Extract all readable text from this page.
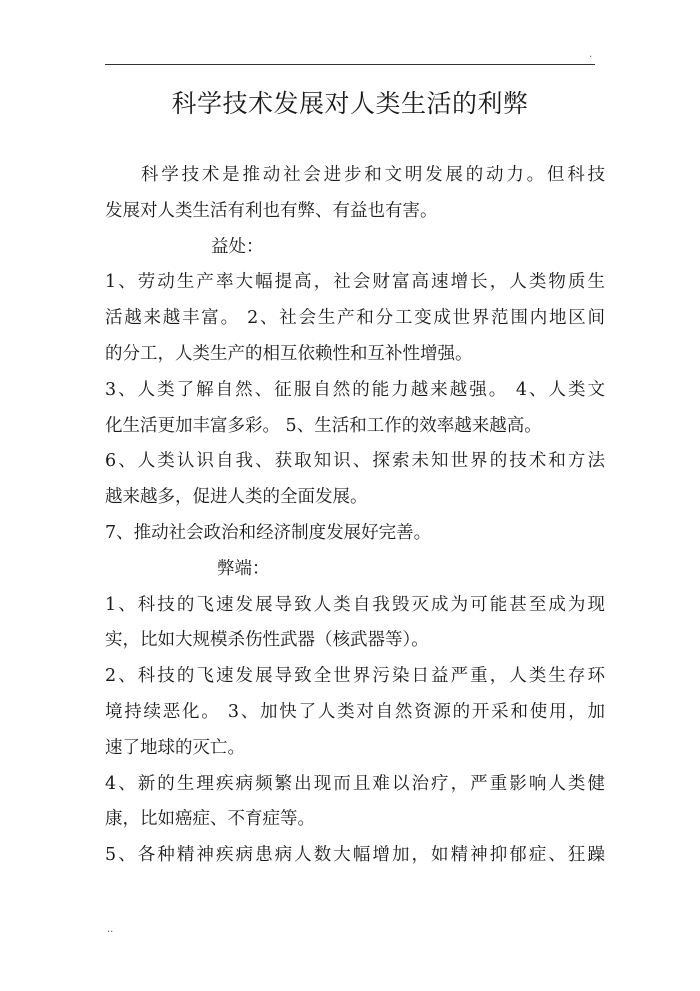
.
科学技术发展对人类生活的利弊
科学技术是推动社会进步和文明发展的动力。但科技
发展对人类生活有利也有弊、有益也有害。
益处：
1、劳动生产率大幅提高，社会财富高速增长，人类物质生
活越来越丰富。 2、社会生产和分工变成世界范围内地区间
的分工，人类生产的相互依赖性和互补性增强。
3、人类了解自然、征服自然的能力越来越强。 4、人类文
化生活更加丰富多彩。 5、生活和工作的效率越来越高。
6、人类认识自我、获取知识、探索未知世界的技术和方法
越来越多，促进人类的全面发展。
7、推动社会政治和经济制度发展好完善。
弊端：
1、科技的飞速发展导致人类自我毁灭成为可能甚至成为现
实，比如大规模杀伤性武器（核武器等）。
2、科技的飞速发展导致全世界污染日益严重，人类生存环
境持续恶化。 3、加快了人类对自然资源的开采和使用，加
速了地球的灭亡。
4、新的生理疾病频繁出现而且难以治疗，严重影响人类健
康，比如癌症、不育症等。
5、各种精神疾病患病人数大幅增加，如精神抑郁症、狂躁
..
